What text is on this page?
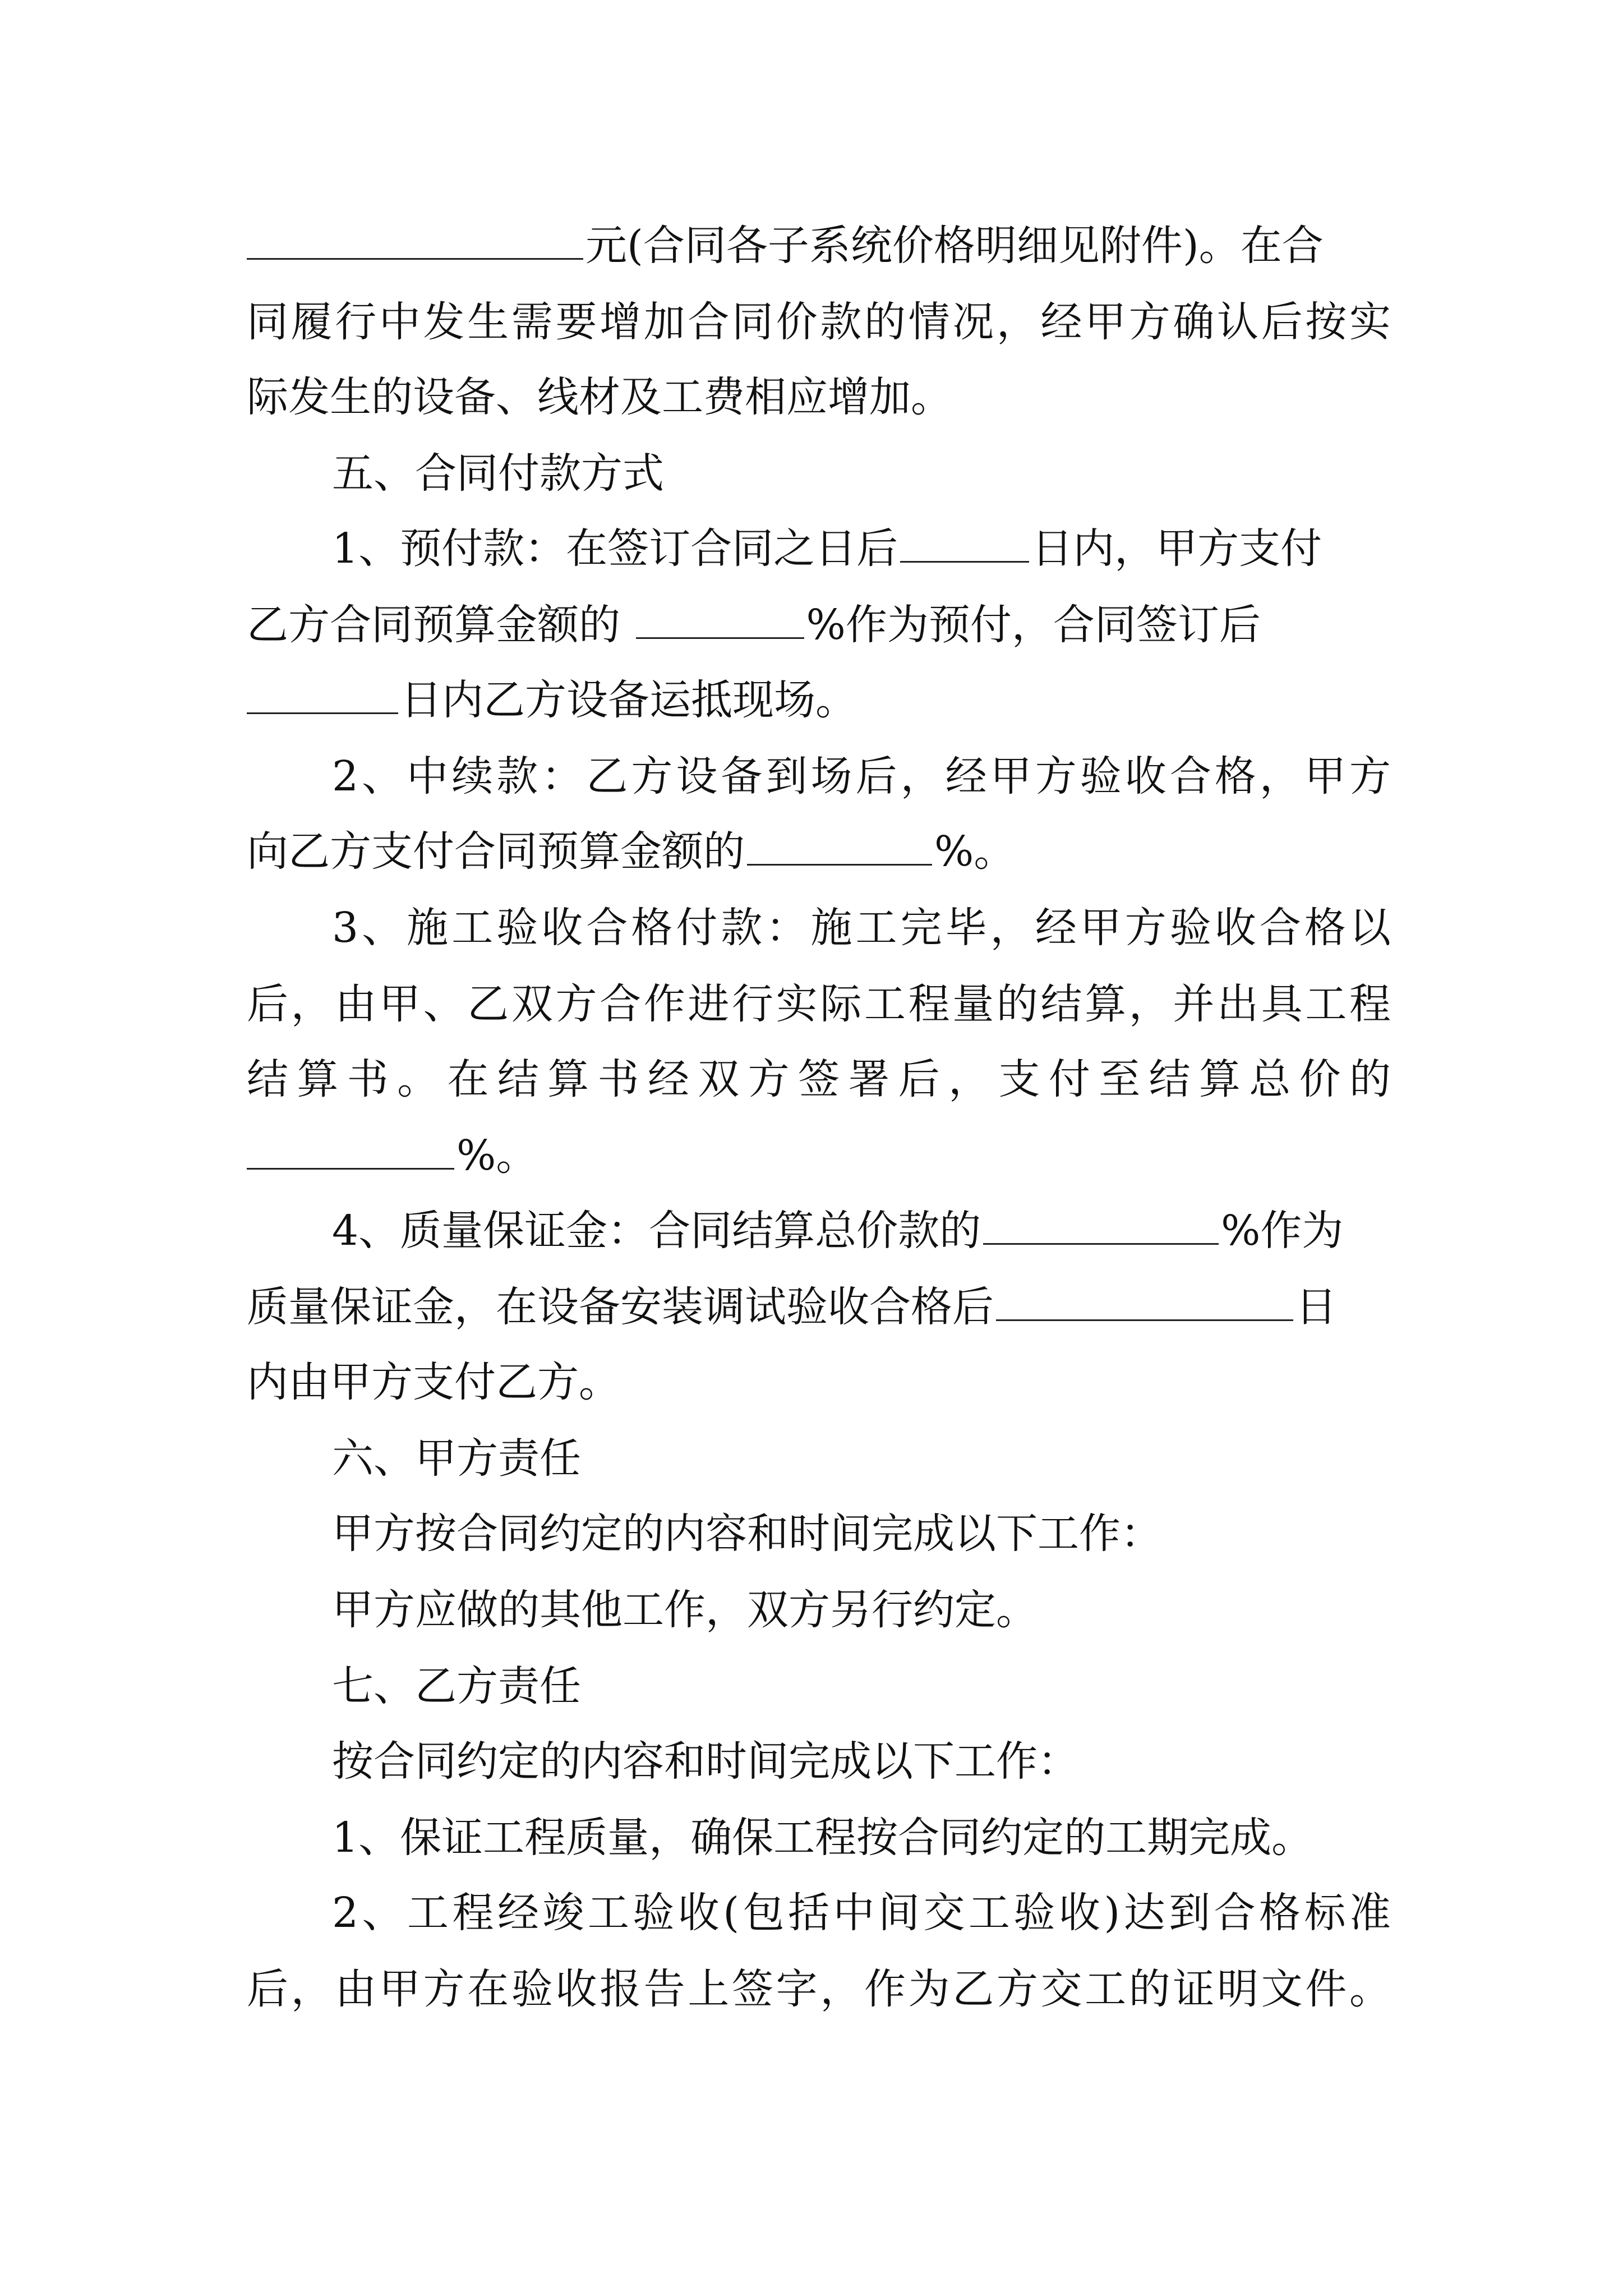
元(合同各子系统价格明细见附件)。在合
同履行中发生需要增加合同价款的情况，经甲方确认后按实
际发生的设备、线材及工费相应增加。
五、合同付款方式
1、预付款：在签订合同之日后	日内，甲方支付
乙方合同预算金额的	%作为预付，合同签订后
日内乙方设备运抵现场。
2、中续款：乙方设备到场后，经甲方验收合格，甲方
向乙方支付合同预算金额的	%。
3、施工验收合格付款：施工完毕，经甲方验收合格以
后，由甲、乙双方合作进行实际工程量的结算，并出具工程
结算书。在结算书经双方签署后，支付至结算总价的
%。
4、质量保证金：合同结算总价款的	%作为
质量保证金，在设备安装调试验收合格后	日
内由甲方支付乙方。
六、甲方责任
甲方按合同约定的内容和时间完成以下工作：
甲方应做的其他工作，双方另行约定。
七、乙方责任
按合同约定的内容和时间完成以下工作：
1、保证工程质量，确保工程按合同约定的工期完成。
2、工程经竣工验收(包括中间交工验收)达到合格标准
后，由甲方在验收报告上签字，作为乙方交工的证明文件。
